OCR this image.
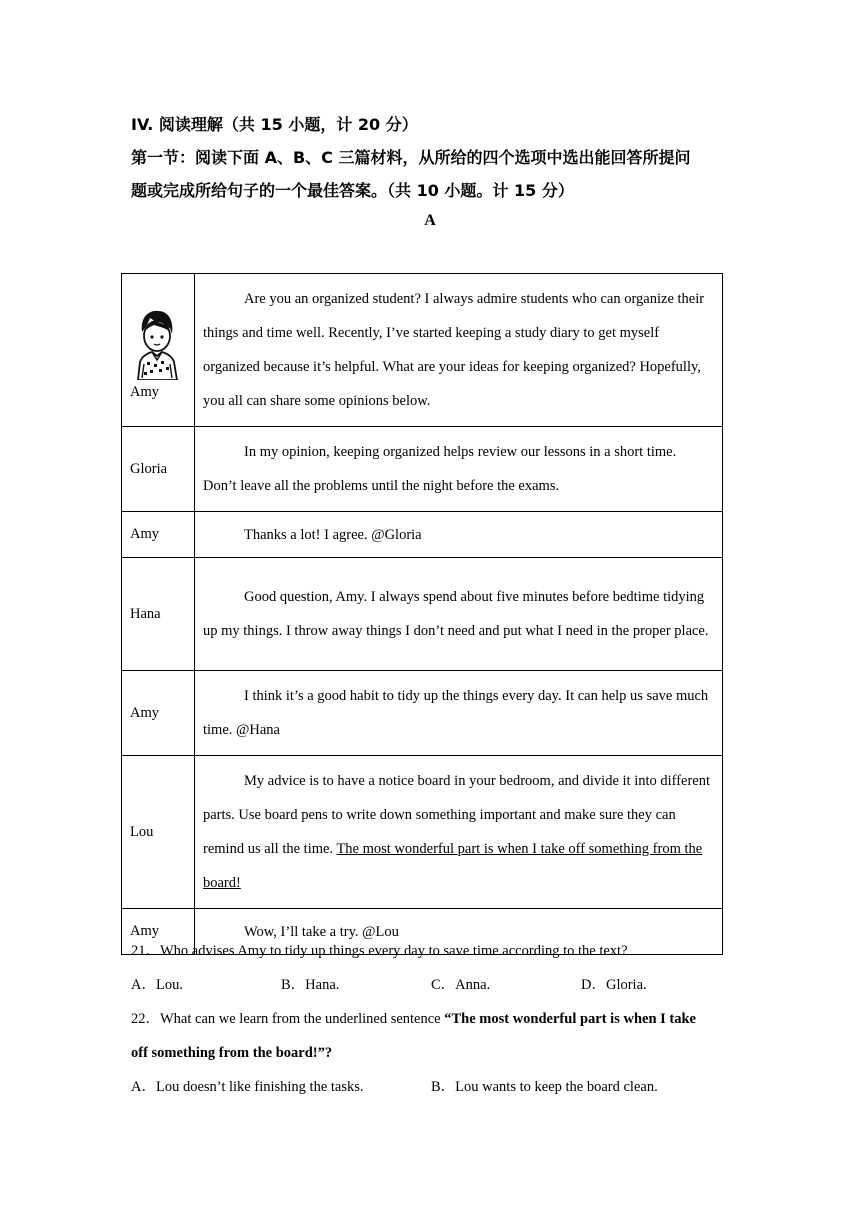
IV. 阅读理解（共 15 小题，计 20 分）
第一节：阅读下面 A、B、C 三篇材料，从所给的四个选项中选出能回答所提问
题或完成所给句子的一个最佳答案。（共 10 小题。计 15 分）
A
Amy	Are you an organized student? I always admire students who can organize their things and time well. Recently, I’ve started keeping a study diary to get myself organized because it’s helpful. What are your ideas for keeping organized? Hopefully, you all can share some opinions below.

Gloria	In my opinion, keeping organized helps review our lessons in a short time. Don’t leave all the problems until the night before the exams.

Amy	Thanks a lot! I agree. @Gloria

Hana	Good question, Amy. I always spend about five minutes before bedtime tidying up my things. I throw away things I don’t need and put what I need in the proper place.

Amy	I think it’s a good habit to tidy up the things every day. It can help us save much time. @Hana

Lou	My advice is to have a notice board in your bedroom, and divide it into different parts. Use board pens to write down something important and make sure they can remind us all the time. The most wonderful part is when I take off something from the board!

Amy	Wow, I’ll take a try. @Lou

21．Who advises Amy to tidy up things every day to save time according to the text?
A．Lou.	B．Hana.	C．Anna.	D．Gloria.
22．What can we learn from the underlined sentence “The most wonderful part is when I take
off something from the board!”?
A．Lou doesn’t like finishing the tasks.	B．Lou wants to keep the board clean.
